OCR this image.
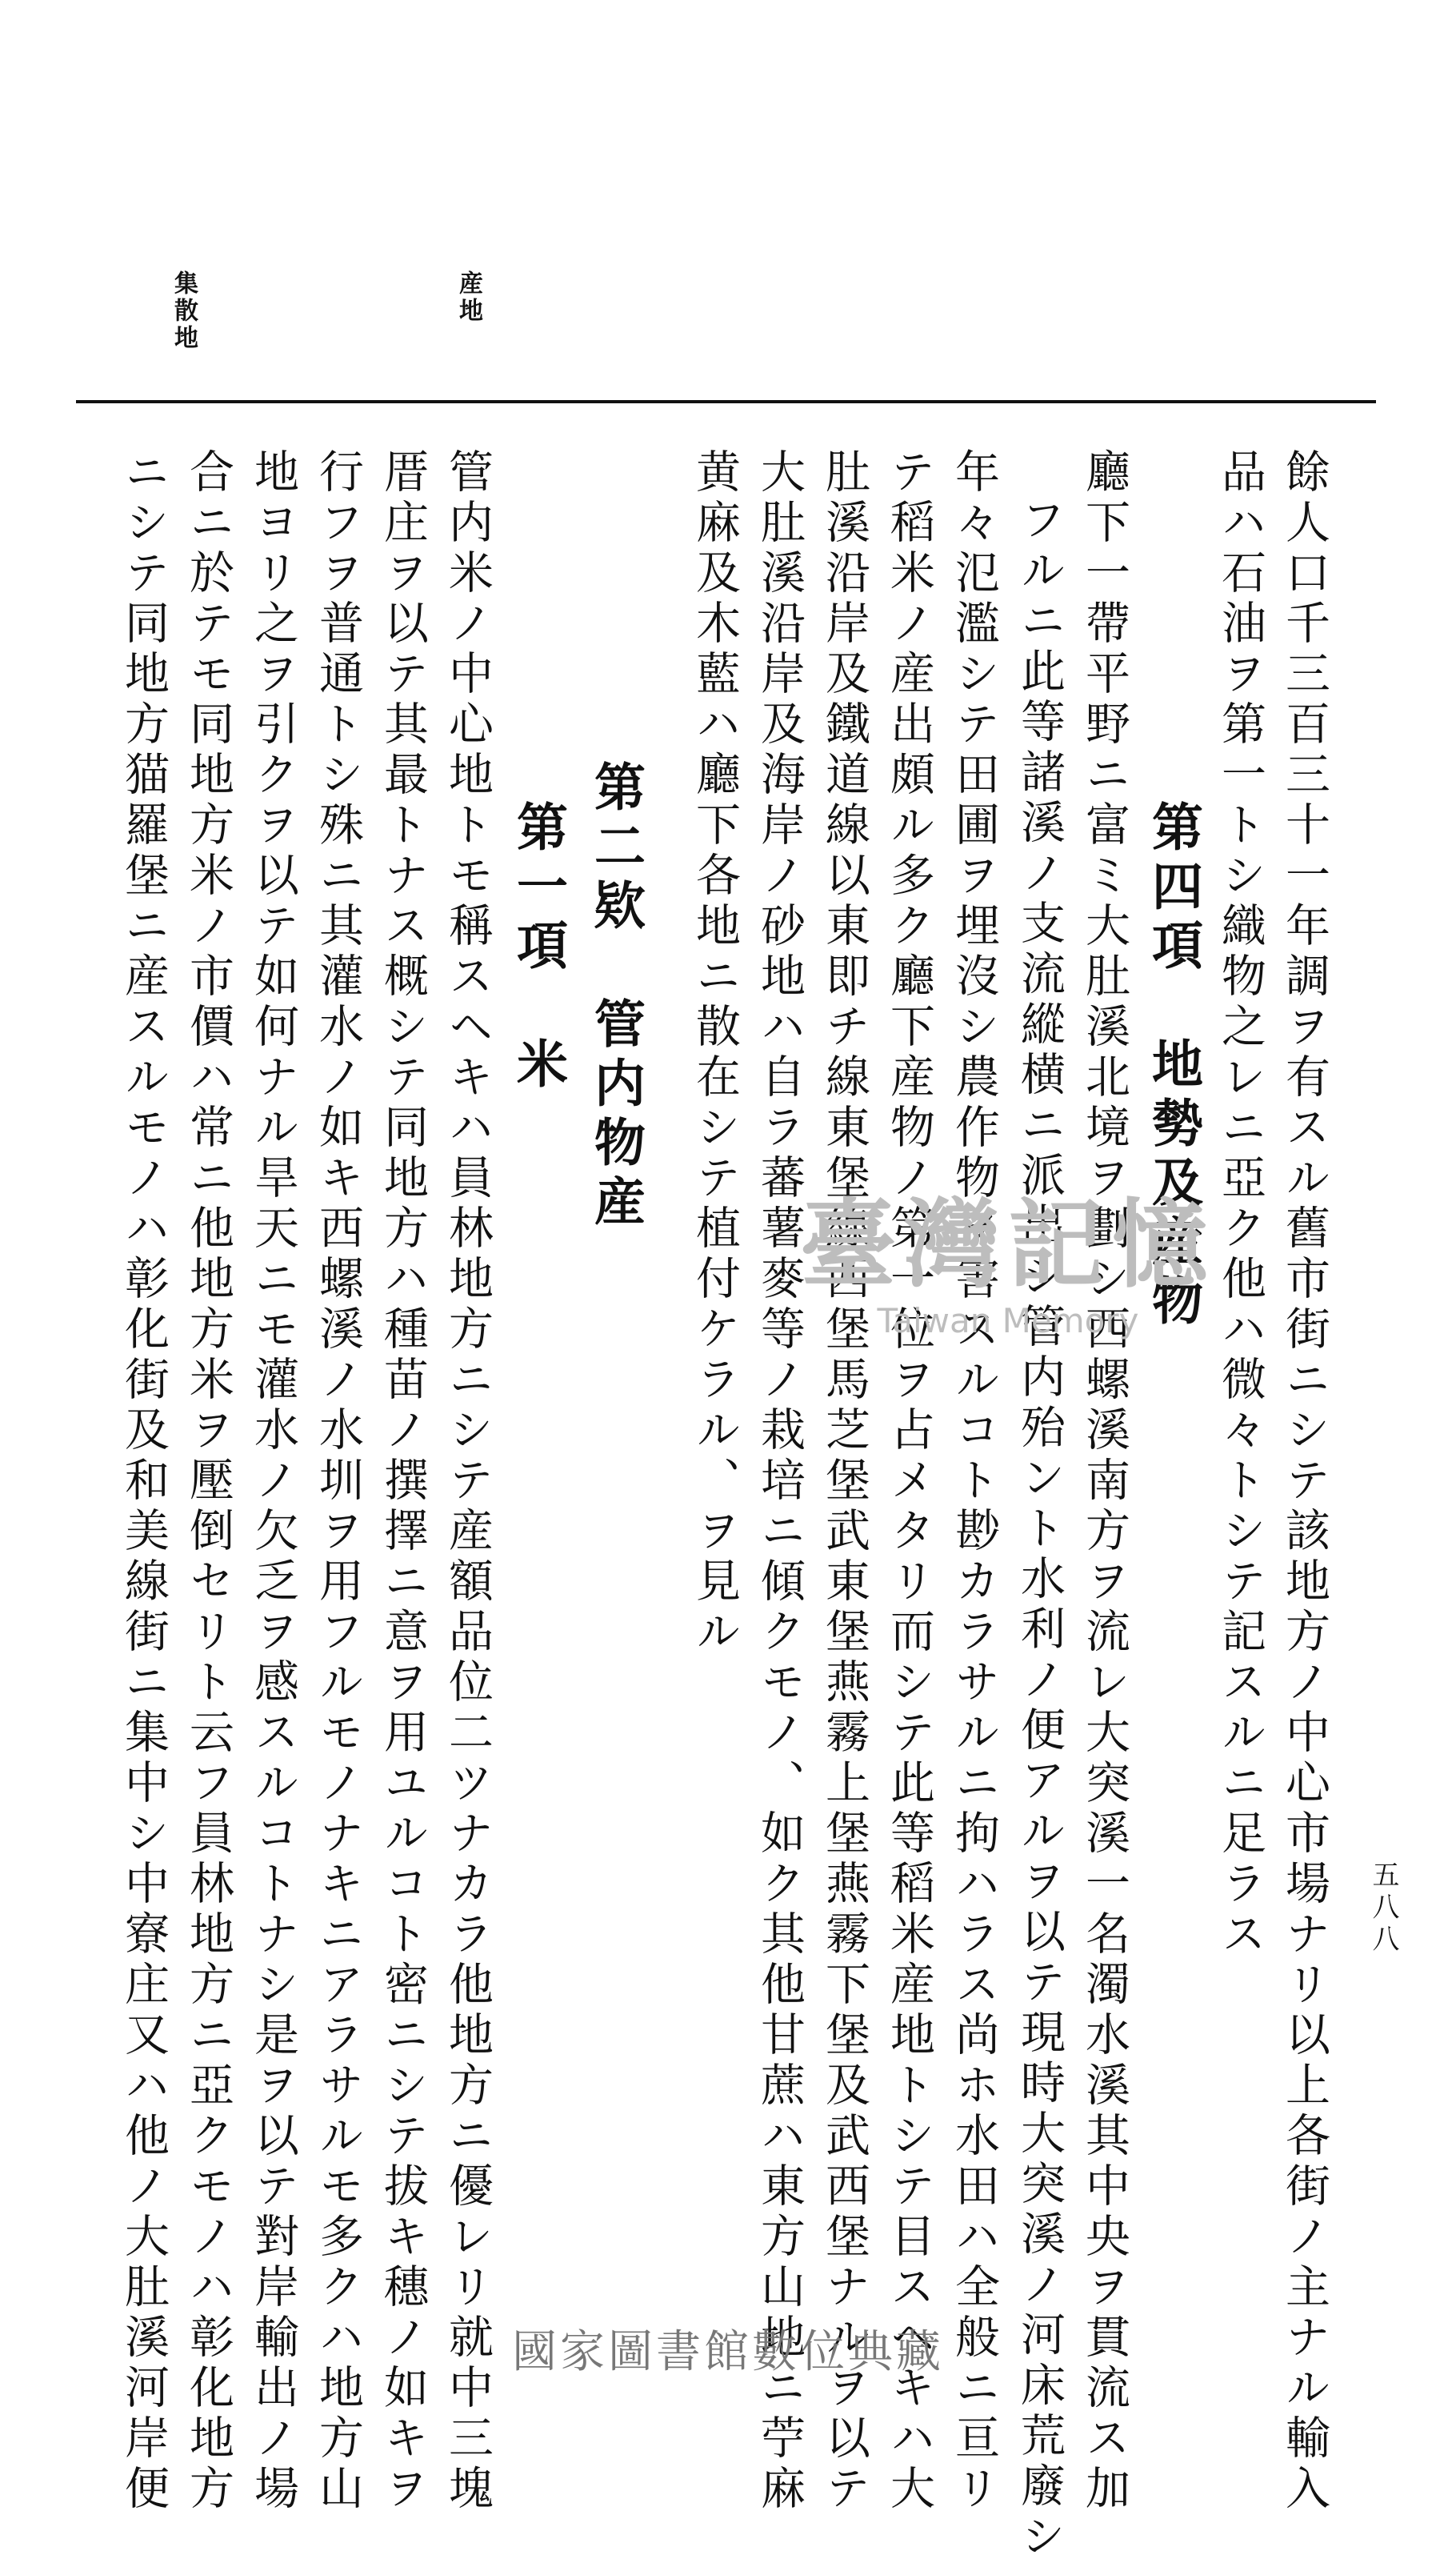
五八八
餘人口千三百三十一年調ヲ有スル舊市街ニシテ該地方ノ中心市場ナリ以上各街ノ主ナル輸入
品ハ石油ヲ第一トシ織物之レニ亞ク他ハ微々トシテ記スルニ足ラス
第四項　地勢及産物
廳下一帶平野ニ富ミ大肚溪北境ヲ劃シ西螺溪南方ヲ流レ大突溪一名濁水溪其中央ヲ貫流ス加
フルニ此等諸溪ノ支流縱横ニ派出シ管内殆ント水利ノ便アルヲ以テ現時大突溪ノ河床荒廢シ
年々氾濫シテ田圃ヲ埋沒シ農作物ヲ害スルコト尠カラサルニ拘ハラス尚ホ水田ハ全般ニ亘リ
テ稻米ノ産出頗ル多ク廳下産物ノ第一位ヲ占メタリ而シテ此等稻米産地トシテ目スヘキハ大
肚溪沿岸及鐵道線以東即チ線東堡線西堡馬芝堡武東堡燕霧上堡燕霧下堡及武西堡ナルヲ以テ
大肚溪沿岸及海岸ノ砂地ハ自ラ蕃薯麥等ノ栽培ニ傾クモノ、如ク其他甘蔗ハ東方山地ニ苧麻
黄麻及木藍ハ廳下各地ニ散在シテ植付ケラル、ヲ見ル
第二欵　管内物産
第一項　米
管内米ノ中心地トモ稱スヘキハ員林地方ニシテ産額品位二ツナカラ他地方ニ優レリ就中三塊
厝庄ヲ以テ其最トナス概シテ同地方ハ種苗ノ撰擇ニ意ヲ用ユルコト密ニシテ拔キ穗ノ如キヲ
行フヲ普通トシ殊ニ其灌水ノ如キ西螺溪ノ水圳ヲ用フルモノナキニアラサルモ多クハ地方山
地ヨリ之ヲ引クヲ以テ如何ナル旱天ニモ灌水ノ欠乏ヲ感スルコトナシ是ヲ以テ對岸輸出ノ場
合ニ於テモ同地方米ノ市價ハ常ニ他地方米ヲ壓倒セリト云フ員林地方ニ亞クモノハ彰化地方
ニシテ同地方猫羅堡ニ産スルモノハ彰化街及和美線街ニ集中シ中寮庄又ハ他ノ大肚溪河岸便
産地
集散地
臺灣記憶
Taiwan Memory
國家圖書館數位典藏
